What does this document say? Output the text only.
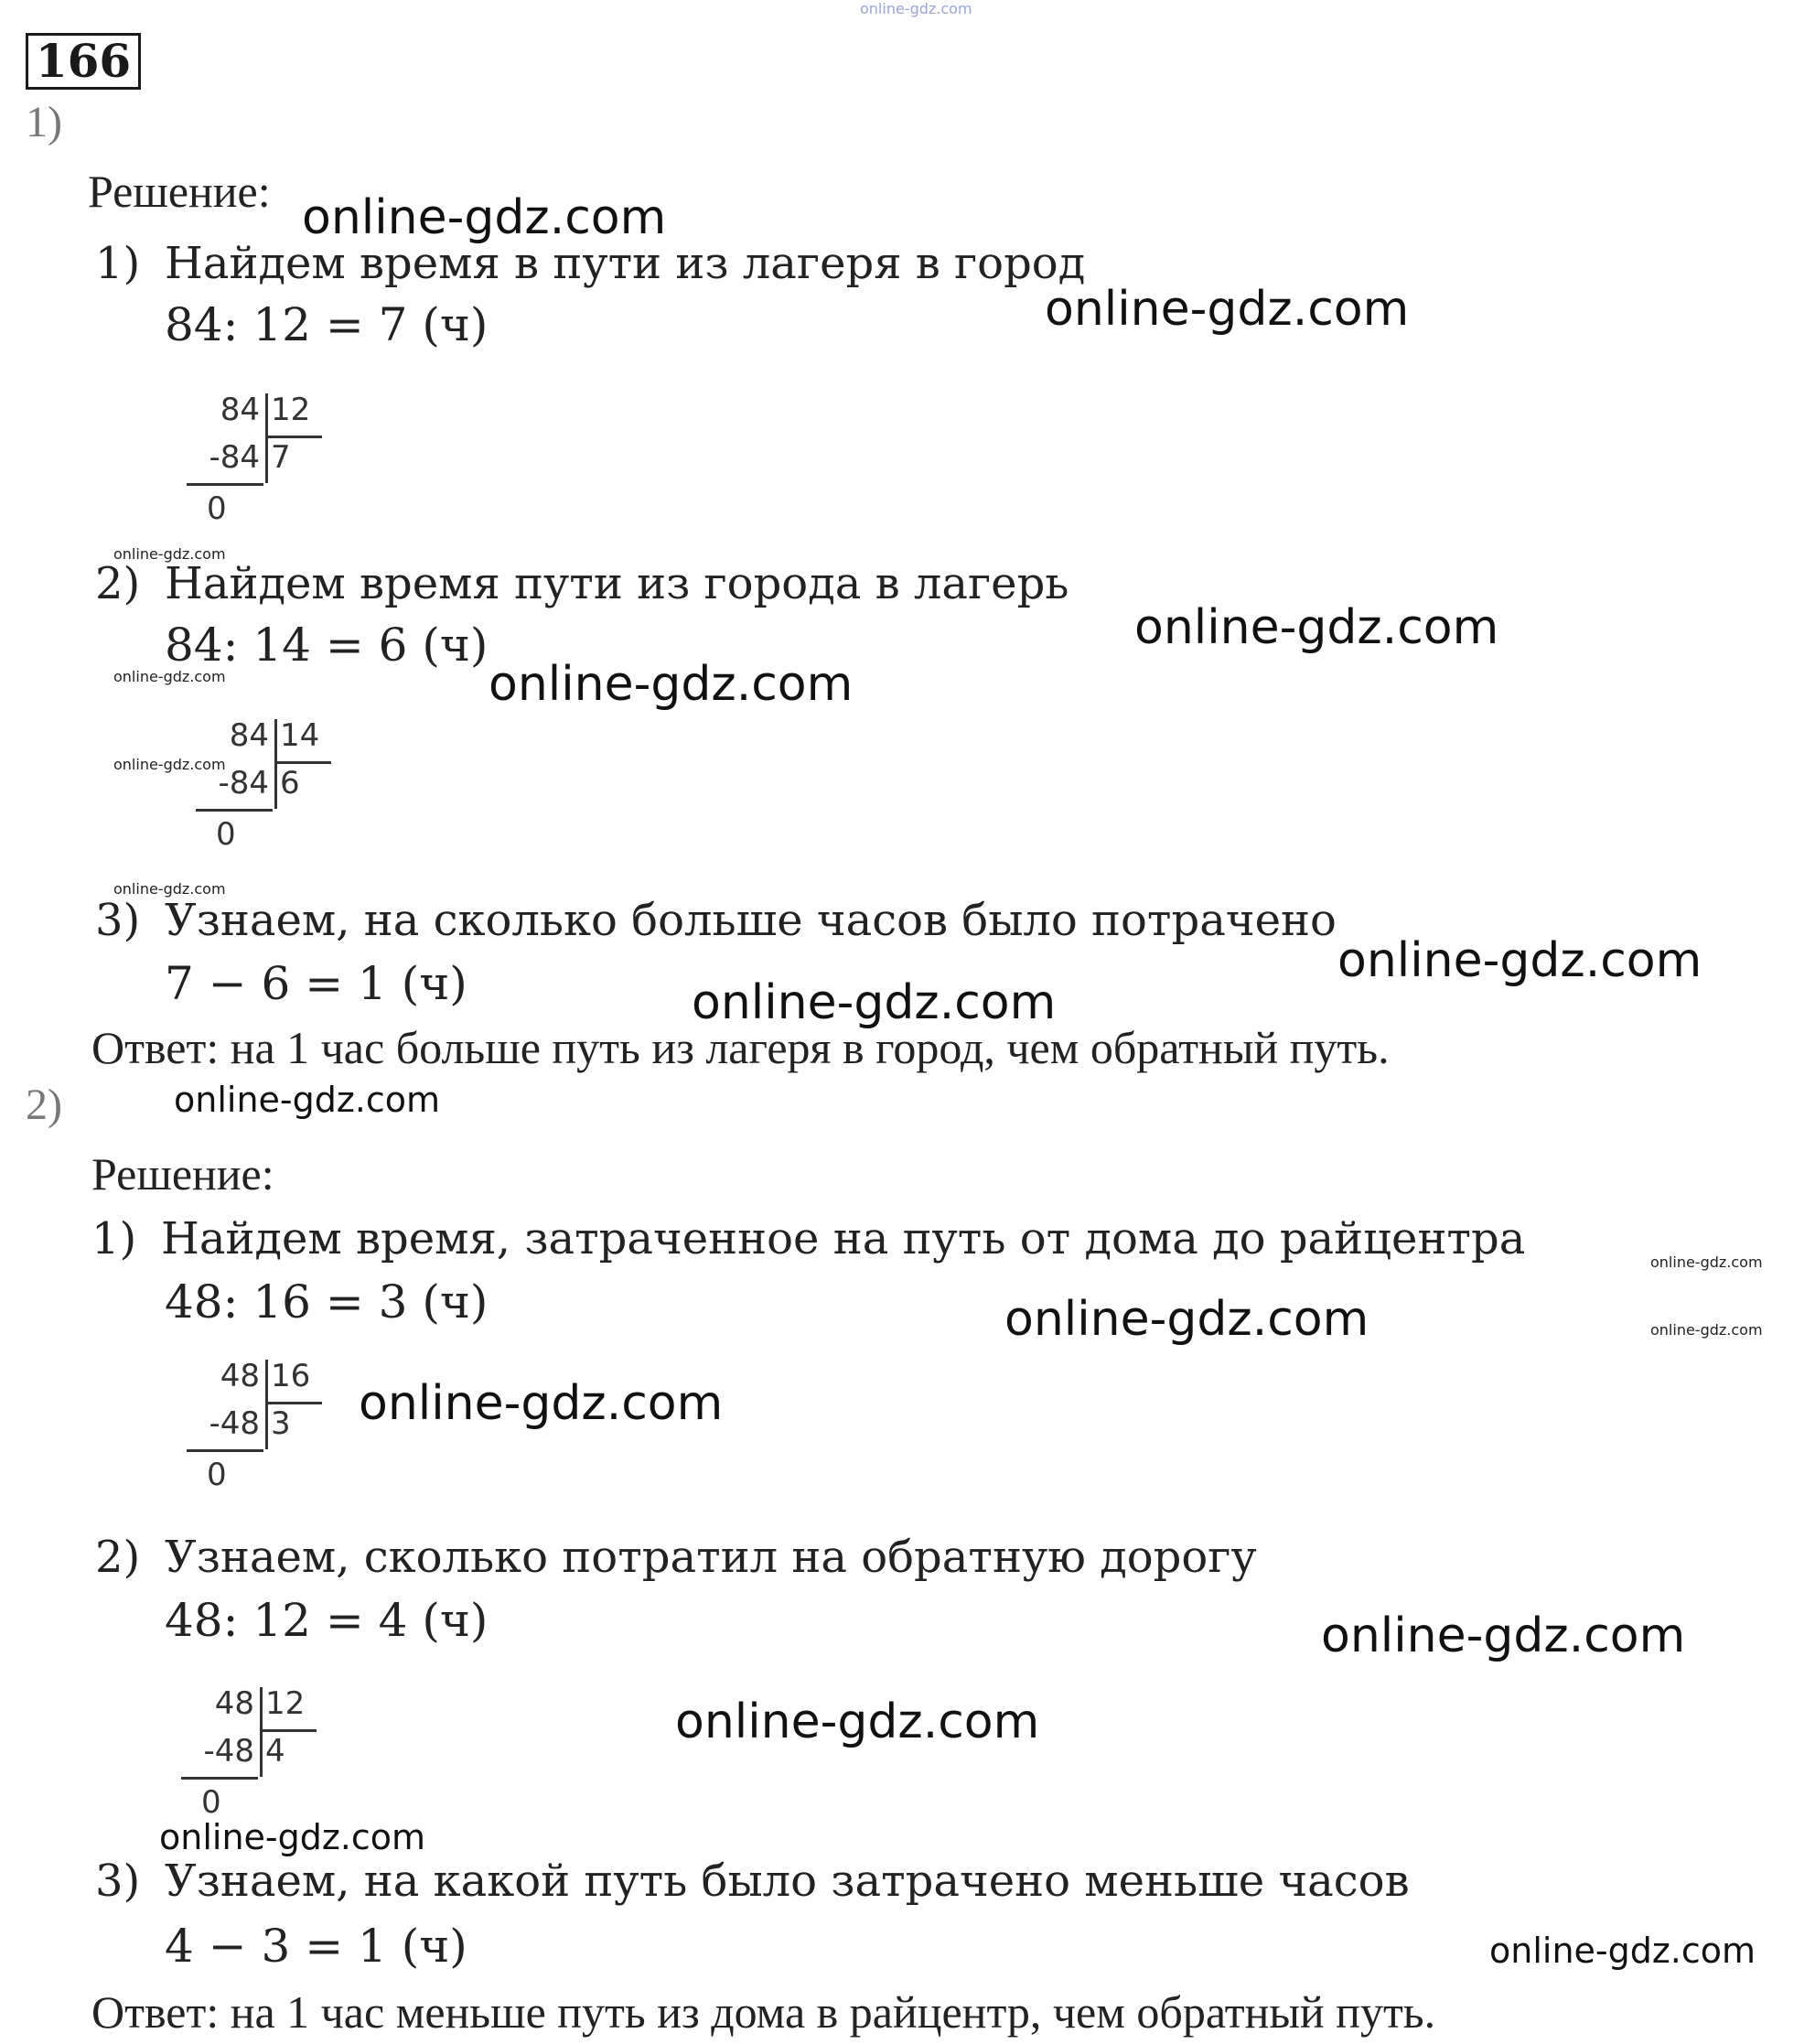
online-gdz.com
166
1)
Решение:
1) Найдем время в пути из лагеря в город
84: 12 = 7 (ч)
84 12
-84 7
0
2) Найдем время пути из города в лагерь
84: 14 = 6 (ч)
84 14
-84 6
0
3) Узнаем, на сколько больше часов было потрачено
7 − 6 = 1 (ч)
Ответ: на 1 час больше путь из лагеря в город, чем обратный путь.
2)
Решение:
1) Найдем время, затраченное на путь от дома до райцентра
48: 16 = 3 (ч)
48 16
-48 3
0
2) Узнаем, сколько потратил на обратную дорогу
48: 12 = 4 (ч)
48 12
-48 4
0
3) Узнаем, на какой путь было затрачено меньше часов
4 − 3 = 1 (ч)
Ответ: на 1 час меньше путь из дома в райцентр, чем обратный путь.
online-gdz.com
online-gdz.com
online-gdz.com
online-gdz.com
online-gdz.com	online-gdz.com
online-gdz.com
online-gdz.com
online-gdz.com
online-gdz.com
online-gdz.com
online-gdz.com
online-gdz.com
online-gdz.com
online-gdz.com
online-gdz.com
online-gdz.com
online-gdz.com
online-gdz.com
